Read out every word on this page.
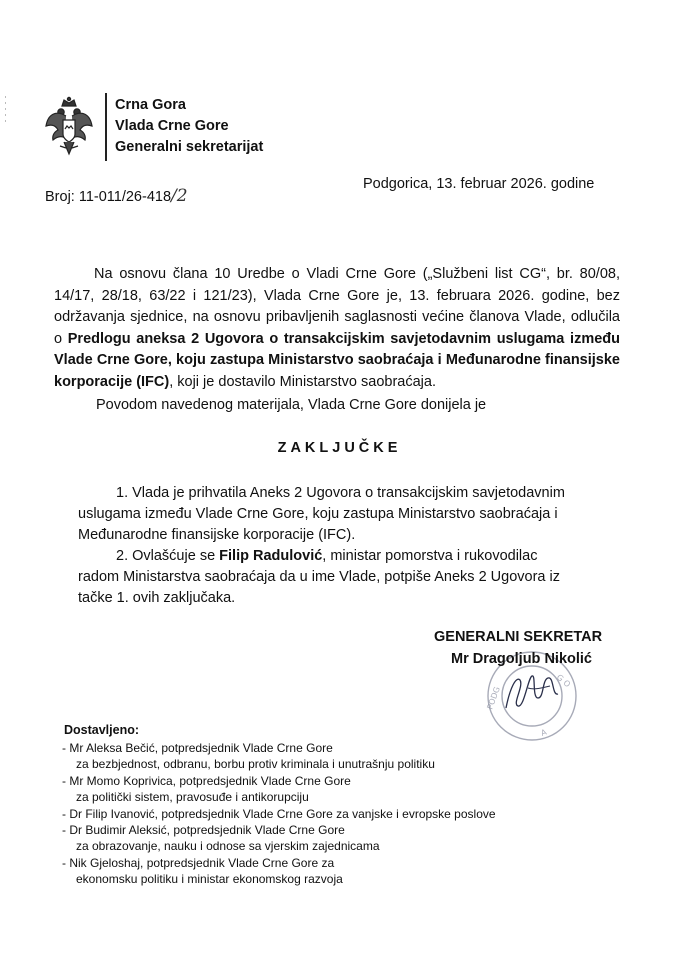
Crna Gora
Vlada Crne Gore
Generalni sekretarijat
Broj: 11-011/26-418/2
Podgorica, 13. februar 2026. godine
Na osnovu člana 10 Uredbe o Vladi Crne Gore („Službeni list CG“, br. 80/08, 14/17, 28/18, 63/22 i 121/23), Vlada Crne Gore je, 13. februara 2026. godine, bez održavanja sjednice, na osnovu pribavljenih saglasnosti većine članova Vlade, odlučila o Predlogu aneksa 2 Ugovora o transakcijskim savjetodavnim uslugama između Vlade Crne Gore, koju zastupa Ministarstvo saobraćaja i Međunarodne finansijske korporacije (IFC), koji je dostavilo Ministarstvo saobraćaja.
Povodom navedenog materijala, Vlada Crne Gore donijela je
ZAKLJUČKE
1. Vlada je prihvatila Aneks 2 Ugovora o transakcijskim savjetodavnim
uslugama između Vlade Crne Gore, koju zastupa Ministarstvo saobraćaja i
Međunarodne finansijske korporacije (IFC).
2. Ovlašćuje se Filip Radulović, ministar pomorstva i rukovodilac
radom Ministarstva saobraćaja da u ime Vlade, potpiše Aneks 2 Ugovora iz
tačke 1. ovih zaključaka.
G O
PODG
A
GENERALNI SEKRETAR
Mr Dragoljub Nikolić
Dostavljeno:
- Mr Aleksa Bečić, potpredsjednik Vlade Crne Gore
za bezbjednost, odbranu, borbu protiv kriminala i unutrašnju politiku
- Mr Momo Koprivica, potpredsjednik Vlade Crne Gore
za politički sistem, pravosuđe i antikorupciju
- Dr Filip Ivanović, potpredsjednik Vlade Crne Gore za vanjske i evropske poslove
- Dr Budimir Aleksić, potpredsjednik Vlade Crne Gore
za obrazovanje, nauku i odnose sa vjerskim zajednicama
- Nik Gjeloshaj, potpredsjednik Vlade Crne Gore za
ekonomsku politiku i ministar ekonomskog razvoja
